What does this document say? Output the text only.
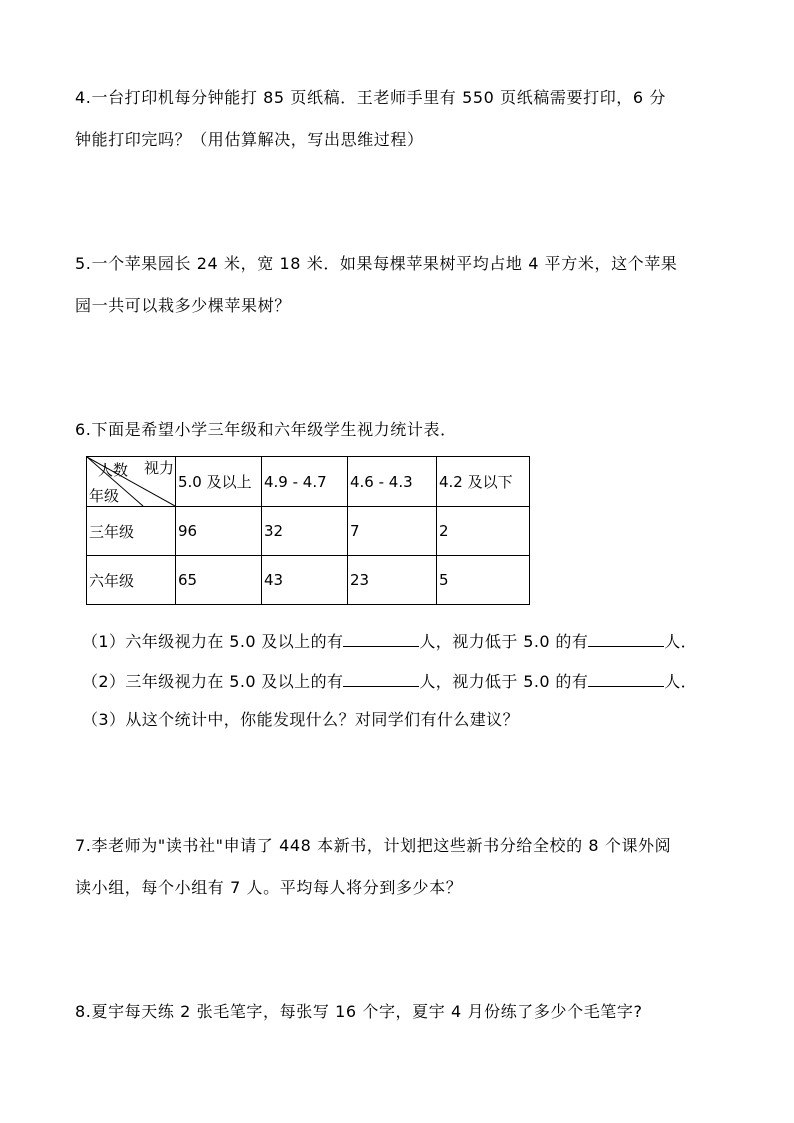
4.一台打印机每分钟能打 85 页纸稿．王老师手里有 550 页纸稿需要打印，6 分
钟能打印完吗？（用估算解决，写出思维过程）
5.一个苹果园长 24 米，宽 18 米．如果每棵苹果树平均占地 4 平方米，这个苹果
园一共可以栽多少棵苹果树？
6.下面是希望小学三年级和六年级学生视力统计表．
人数 视力
年级	5.0 及以上	4.9 - 4.7	4.6 - 4.3	4.2 及以下
三年级	96	32	7	2
六年级	65	43	23	5
（1）六年级视力在 5.0 及以上的有	人，视力低于 5.0 的有	人．
（2）三年级视力在 5.0 及以上的有	人，视力低于 5.0 的有	人．
（3）从这个统计中，你能发现什么？对同学们有什么建议？
7.李老师为"读书社"申请了 448 本新书，计划把这些新书分给全校的 8 个课外阅
读小组，每个小组有 7 人。平均每人将分到多少本？
8.夏宇每天练 2 张毛笔字，每张写 16 个字，夏宇 4 月份练了多少个毛笔字?
